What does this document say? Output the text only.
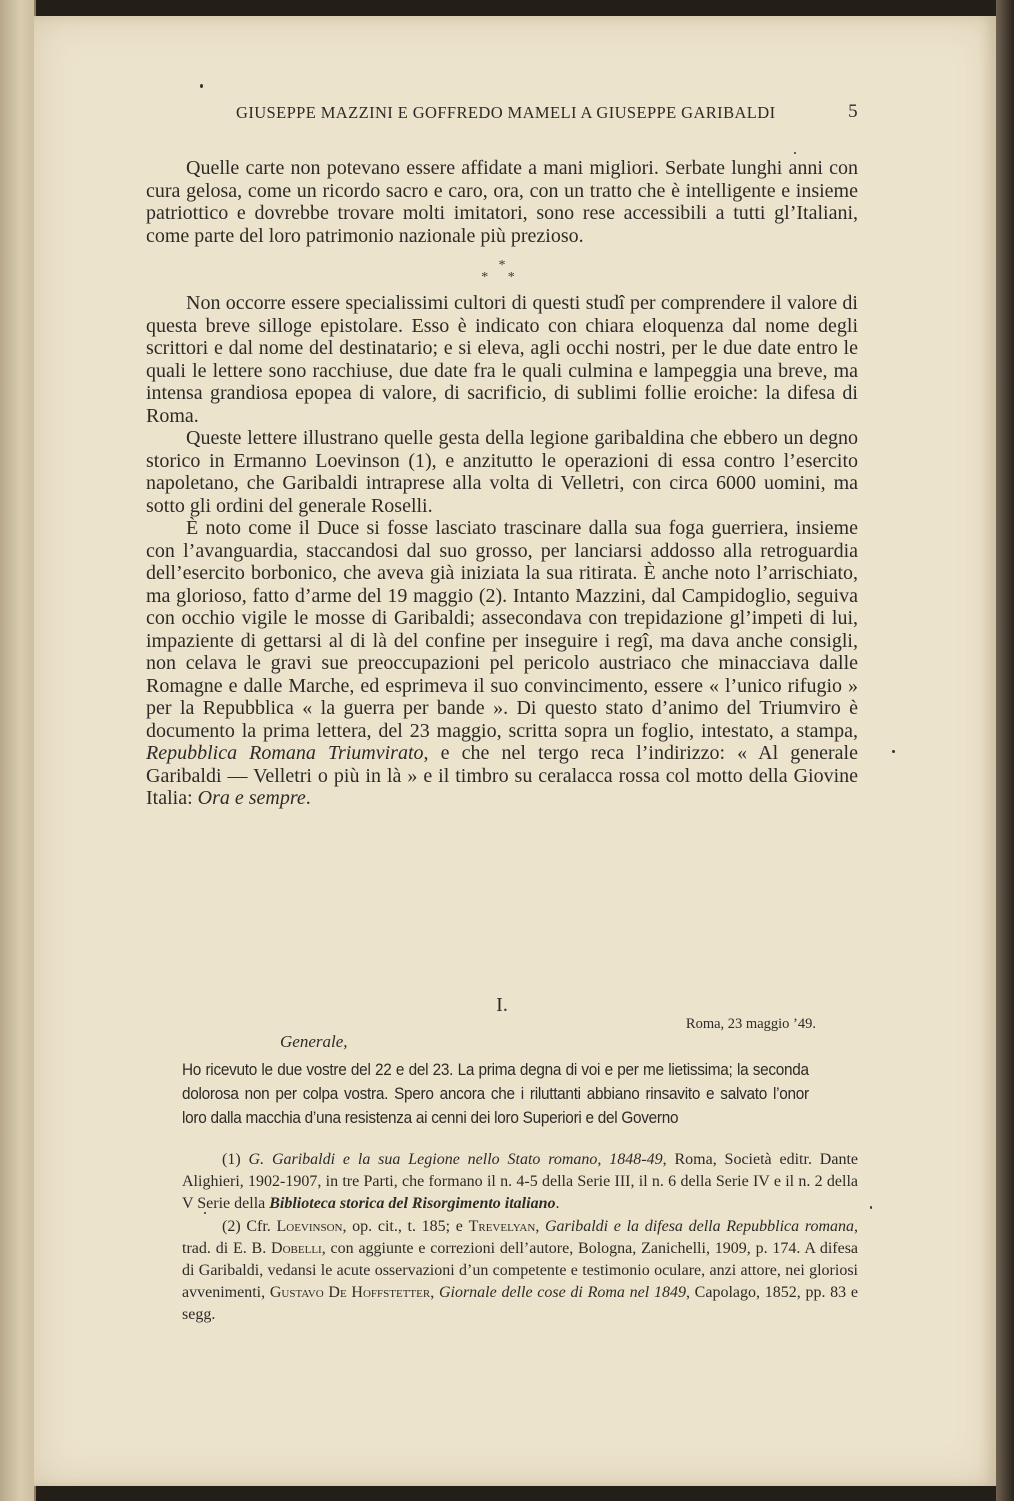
GIUSEPPE MAZZINI E GOFFREDO MAMELI A GIUSEPPE GARIBALDI	5

Quelle carte non potevano essere affidate a mani migliori. Serbate lunghi anni con cura gelosa, come un ricordo sacro e caro, ora, con un tratto che è intelligente e insieme patriottico e dovrebbe trovare molti imitatori, sono rese accessibili a tutti gl’Italiani, come parte del loro patrimonio nazionale più prezioso.

*
* *

Non occorre essere specialissimi cultori di questi studî per comprendere il valore di questa breve silloge epistolare. Esso è indicato con chiara eloquenza dal nome degli scrittori e dal nome del destinatario; e si eleva, agli occhi nostri, per le due date entro le quali le lettere sono racchiuse, due date fra le quali culmina e lampeggia una breve, ma intensa grandiosa epopea di valore, di sacrificio, di sublimi follie eroiche: la difesa di Roma.

Queste lettere illustrano quelle gesta della legione garibaldina che ebbero un degno storico in Ermanno Loevinson (1), e anzitutto le operazioni di essa contro l’esercito napoletano, che Garibaldi intraprese alla volta di Velletri, con circa 6000 uomini, ma sotto gli ordini del generale Roselli.

È noto come il Duce si fosse lasciato trascinare dalla sua foga guerriera, insieme con l’avanguardia, staccandosi dal suo grosso, per lanciarsi addosso alla retroguardia dell’esercito borbonico, che aveva già iniziata la sua ritirata. È anche noto l’arrischiato, ma glorioso, fatto d’arme del 19 maggio (2). Intanto Mazzini, dal Campidoglio, seguiva con occhio vigile le mosse di Garibaldi; assecondava con trepidazione gl’impeti di lui, impaziente di gettarsi al di là del confine per inseguire i regî, ma dava anche consigli, non celava le gravi sue preoccupazioni pel pericolo austriaco che minacciava dalle Romagne e dalle Marche, ed esprimeva il suo convincimento, essere « l’unico rifugio » per la Repubblica « la guerra per bande ». Di questo stato d’animo del Triumviro è documento la prima lettera, del 23 maggio, scritta sopra un foglio, intestato, a stampa, Repubblica Romana Triumvirato, e che nel tergo reca l’indirizzo: « Al generale Garibaldi — Velletri o più in là » e il timbro su ceralacca rossa col motto della Giovine Italia: Ora e sempre.

I.
Roma, 23 maggio ’49.
Generale,

Ho ricevuto le due vostre del 22 e del 23. La prima degna di voi e per me lietissima; la seconda dolorosa non per colpa vostra. Spero ancora che i riluttanti abbiano rinsavito e salvato l’onor loro dalla macchia d’una resistenza ai cenni dei loro Superiori e del Governo

(1) G. Garibaldi e la sua Legione nello Stato romano, 1848-49, Roma, Società editr. Dante Alighieri, 1902-1907, in tre Parti, che formano il n. 4-5 della Serie III, il n. 6 della Serie IV e il n. 2 della V Serie della Biblioteca storica del Risorgimento italiano.

(2) Cfr. Loevinson, op. cit., t. 185; e Trevelyan, Garibaldi e la difesa della Repubblica romana, trad. di E. B. Dobelli, con aggiunte e correzioni dell’autore, Bologna, Zanichelli, 1909, p. 174. A difesa di Garibaldi, vedansi le acute osservazioni d’un competente e testimonio oculare, anzi attore, nei gloriosi avvenimenti, Gustavo De Hoffstetter, Giornale delle cose di Roma nel 1849, Capolago, 1852, pp. 83 e segg.
